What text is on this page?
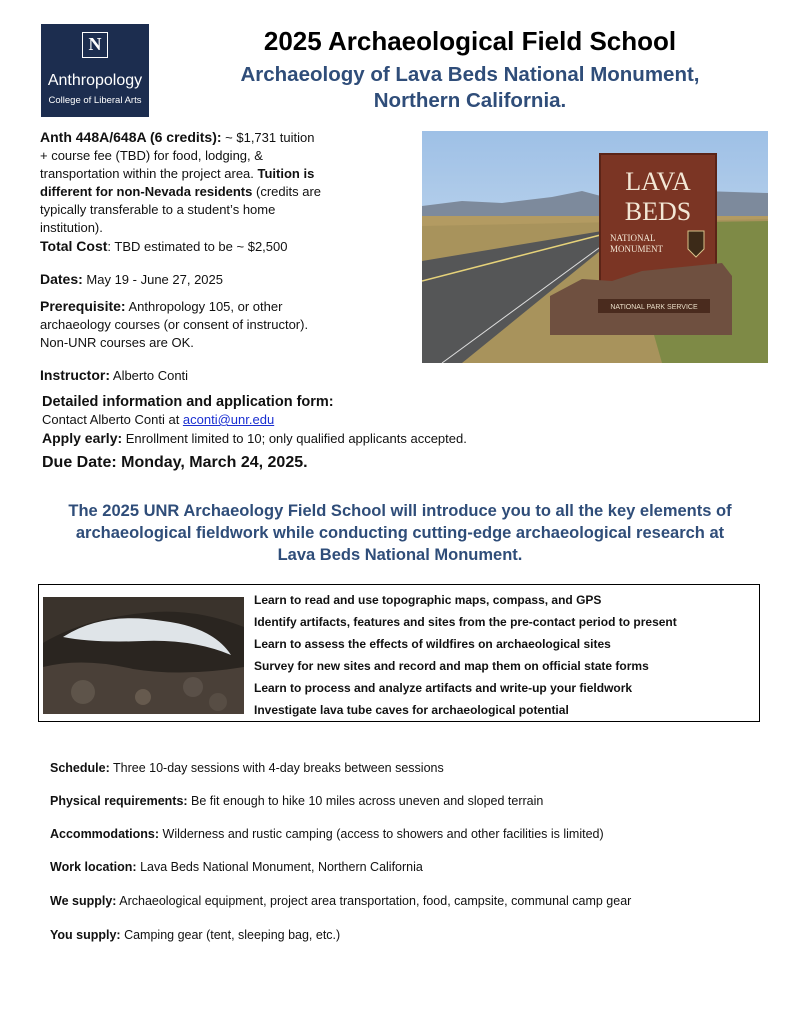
N
Anthropology
College of Liberal Arts
2025 Archaeological Field School
Archaeology of Lava Beds National Monument,
Northern California.
Anth 448A/648A (6 credits): ~ $1,731 tuition
+ course fee (TBD) for food, lodging, &
transportation within the project area. Tuition is
different for non-Nevada residents (credits are
typically transferable to a student’s home
institution).
Total Cost: TBD estimated to be ~ $2,500
Dates: May 19 - June 27, 2025
Prerequisite: Anthropology 105, or other
archaeology courses (or consent of instructor).
Non-UNR courses are OK.
Instructor: Alberto Conti
Detailed information and application form:
Contact Alberto Conti at aconti@unr.edu
Apply early: Enrollment limited to 10; only qualified applicants accepted.
Due Date: Monday, March 24, 2025.
LAVA
BEDS
NATIONAL
MONUMENT
NATIONAL PARK SERVICE
The 2025 UNR Archaeology Field School will introduce you to all the key elements of
archaeological fieldwork while conducting cutting-edge archaeological research at
Lava Beds National Monument.
Learn to read and use topographic maps, compass, and GPS
Identify artifacts, features and sites from the pre-contact period to present
Learn to assess the effects of wildfires on archaeological sites
Survey for new sites and record and map them on official state forms
Learn to process and analyze artifacts and write-up your fieldwork
Investigate lava tube caves for archaeological potential
Schedule: Three 10-day sessions with 4-day breaks between sessions
Physical requirements: Be fit enough to hike 10 miles across uneven and sloped terrain
Accommodations: Wilderness and rustic camping (access to showers and other facilities is limited)
Work location: Lava Beds National Monument, Northern California
We supply: Archaeological equipment, project area transportation, food, campsite, communal camp gear
You supply: Camping gear (tent, sleeping bag, etc.)
